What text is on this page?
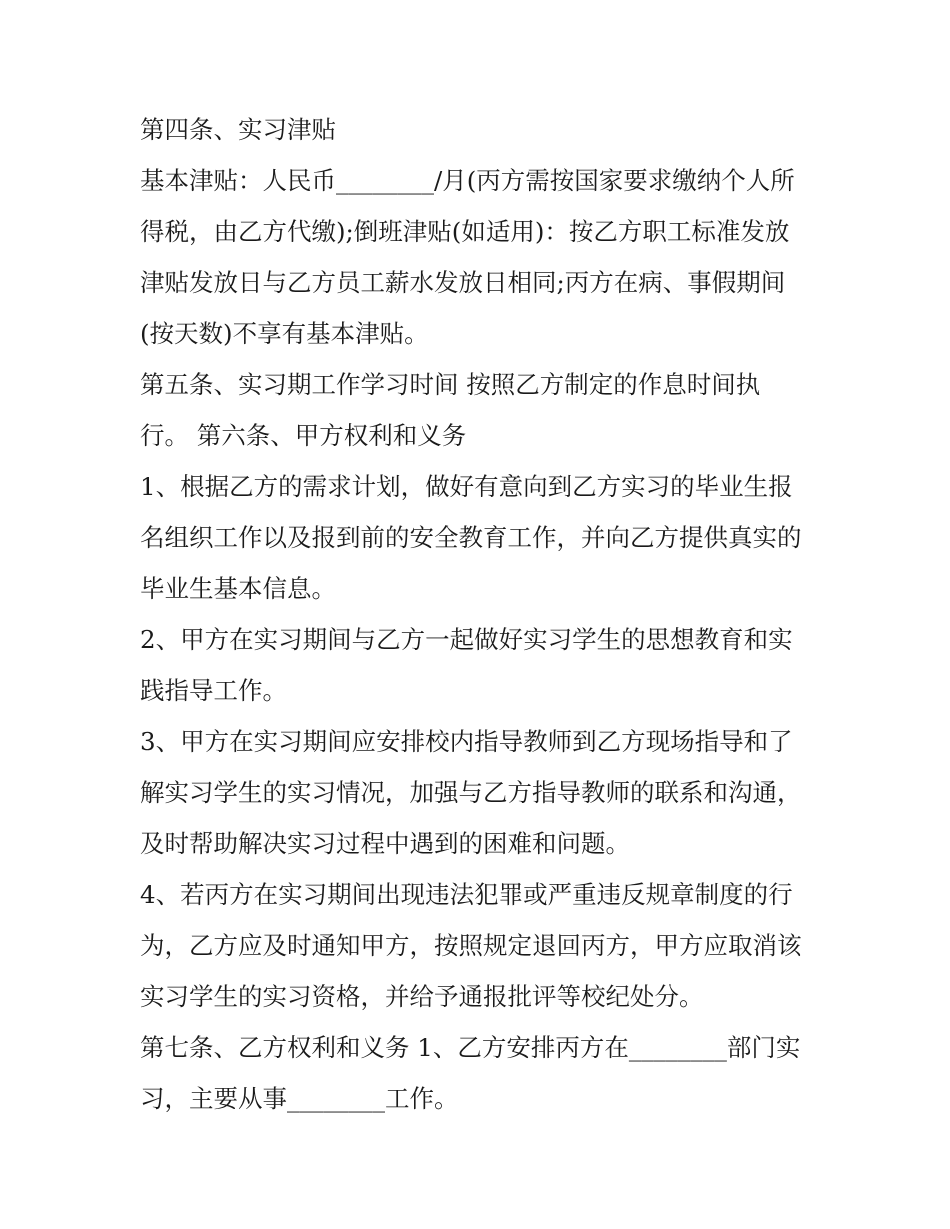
第四条、实习津贴
基本津贴：人民币________/月(丙方需按国家要求缴纳个人所
得税，由乙方代缴);倒班津贴(如适用)：按乙方职工标准发放
津贴发放日与乙方员工薪水发放日相同;丙方在病、事假期间
(按天数)不享有基本津贴。
第五条、实习期工作学习时间 按照乙方制定的作息时间执
行。 第六条、甲方权利和义务
1、根据乙方的需求计划，做好有意向到乙方实习的毕业生报
名组织工作以及报到前的安全教育工作，并向乙方提供真实的
毕业生基本信息。
2、甲方在实习期间与乙方一起做好实习学生的思想教育和实
践指导工作。
3、甲方在实习期间应安排校内指导教师到乙方现场指导和了
解实习学生的实习情况，加强与乙方指导教师的联系和沟通，
及时帮助解决实习过程中遇到的困难和问题。
4、若丙方在实习期间出现违法犯罪或严重违反规章制度的行
为，乙方应及时通知甲方，按照规定退回丙方，甲方应取消该
实习学生的实习资格，并给予通报批评等校纪处分。
第七条、乙方权利和义务 1、乙方安排丙方在________部门实
习，主要从事________工作。
